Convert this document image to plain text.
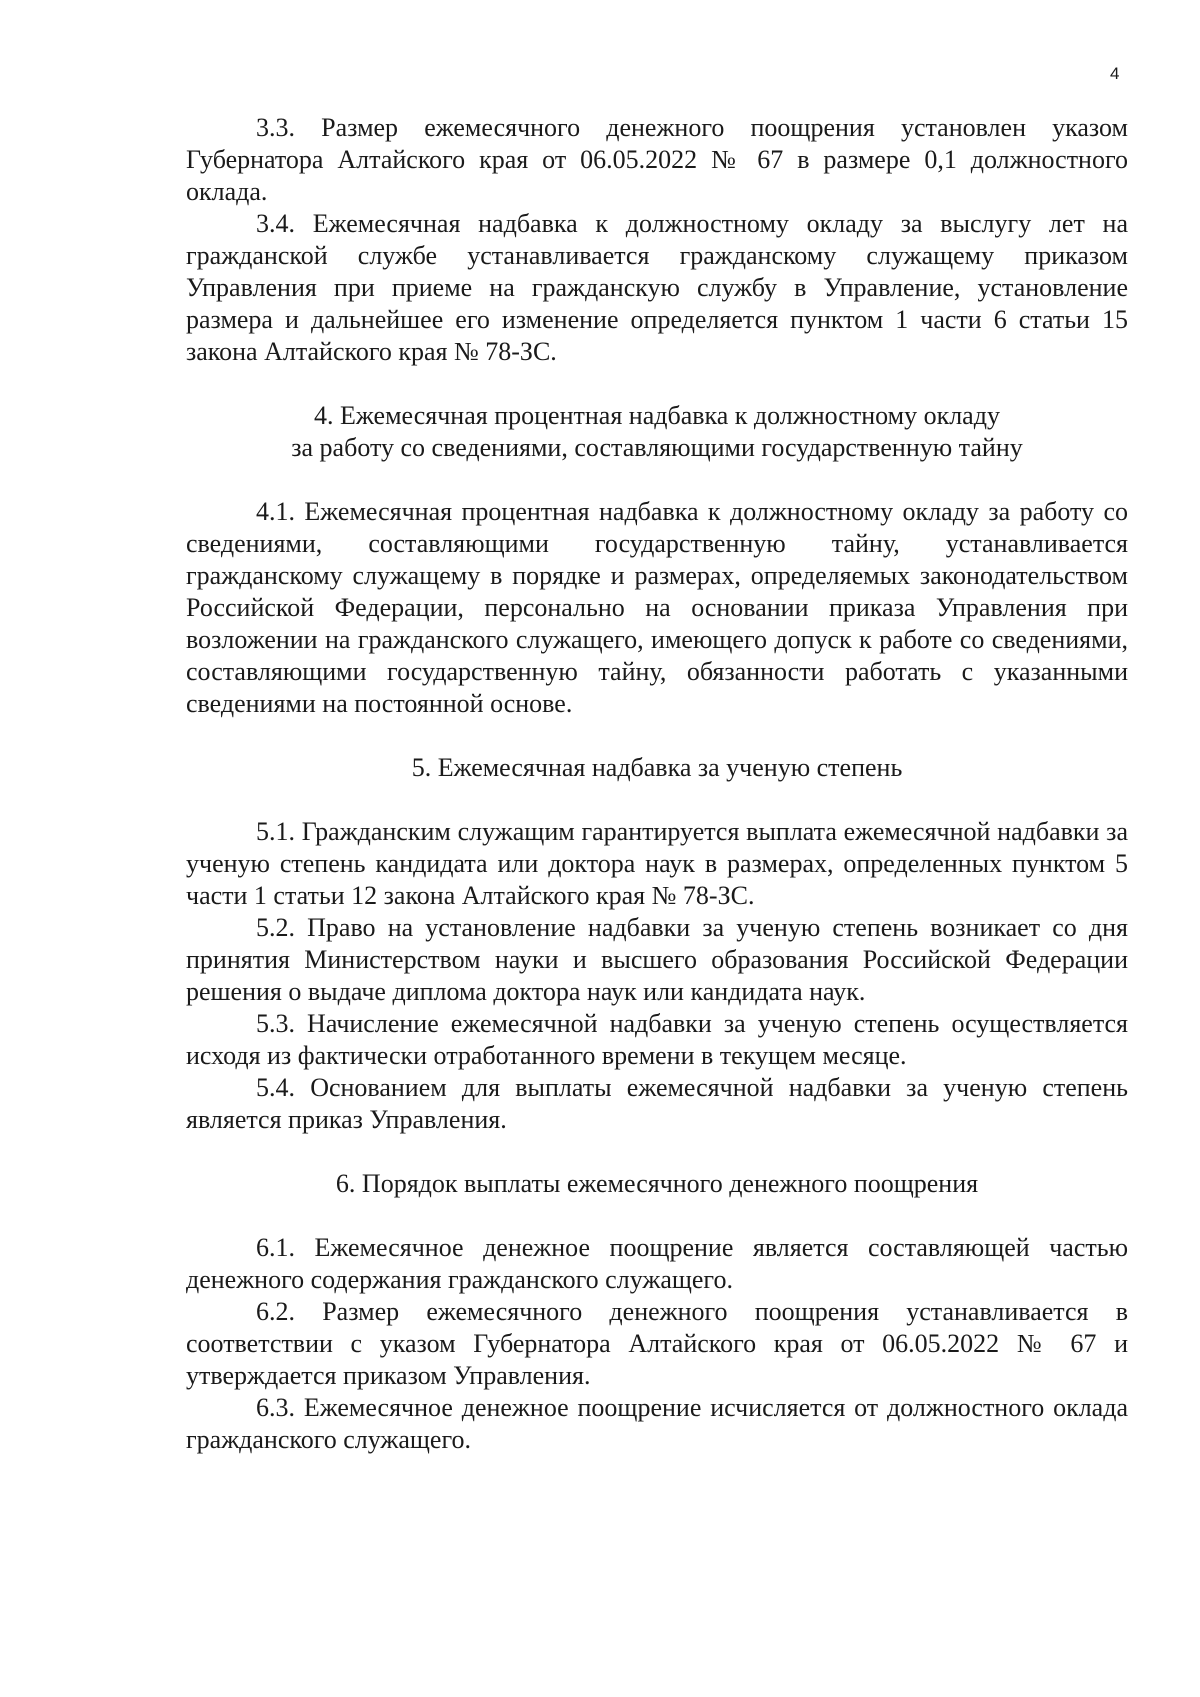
4

3.3. Размер ежемесячного денежного поощрения установлен указом Губернатора Алтайского края от 06.05.2022 № 67 в размере 0,1 должностного оклада.

3.4. Ежемесячная надбавка к должностному окладу за выслугу лет на гражданской службе устанавливается гражданскому служащему приказом Управления при приеме на гражданскую службу в Управление, установление размера и дальнейшее его изменение определяется пунктом 1 части 6 статьи 15 закона Алтайского края № 78-ЗС.

4. Ежемесячная процентная надбавка к должностному окладу
за работу со сведениями, составляющими государственную тайну

4.1. Ежемесячная процентная надбавка к должностному окладу за работу со сведениями, составляющими государственную тайну, устанавливается гражданскому служащему в порядке и размерах, определяемых законодательством Российской Федерации, персонально на основании приказа Управления при возложении на гражданского служащего, имеющего допуск к работе со сведениями, составляющими государственную тайну, обязанности работать с указанными сведениями на постоянной основе.

5. Ежемесячная надбавка за ученую степень

5.1. Гражданским служащим гарантируется выплата ежемесячной надбавки за ученую степень кандидата или доктора наук в размерах, определенных пунктом 5 части 1 статьи 12 закона Алтайского края № 78-ЗС.

5.2. Право на установление надбавки за ученую степень возникает со дня принятия Министерством науки и высшего образования Российской Федерации решения о выдаче диплома доктора наук или кандидата наук.

5.3. Начисление ежемесячной надбавки за ученую степень осуществляется исходя из фактически отработанного времени в текущем месяце.

5.4. Основанием для выплаты ежемесячной надбавки за ученую степень является приказ Управления.

6. Порядок выплаты ежемесячного денежного поощрения

6.1. Ежемесячное денежное поощрение является составляющей частью денежного содержания гражданского служащего.

6.2. Размер ежемесячного денежного поощрения устанавливается в соответствии с указом Губернатора Алтайского края от 06.05.2022 № 67 и утверждается приказом Управления.

6.3. Ежемесячное денежное поощрение исчисляется от должностного оклада гражданского служащего.
